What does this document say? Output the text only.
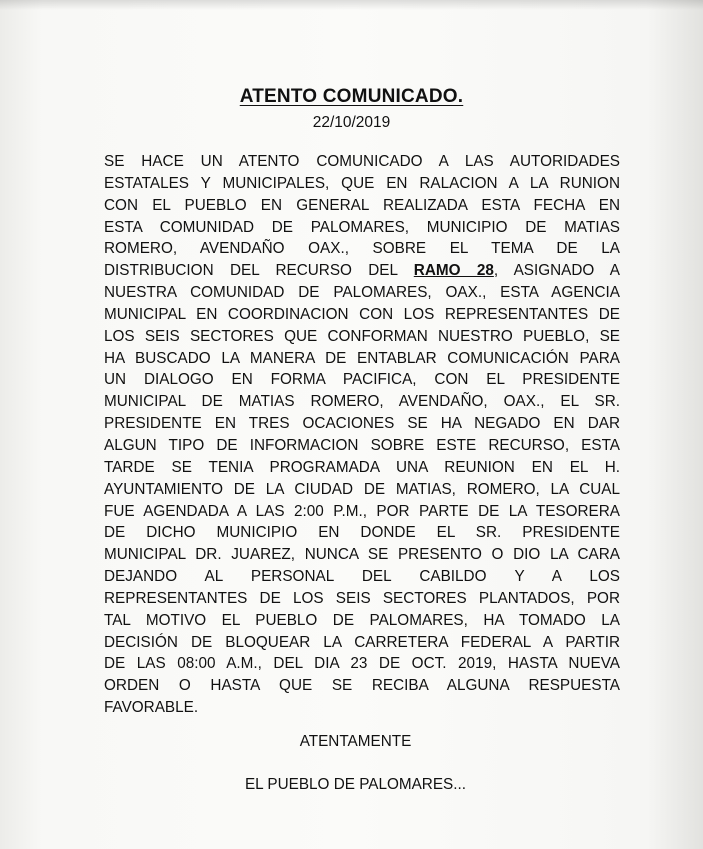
ATENTO COMUNICADO.
22/10/2019
SE HACE UN ATENTO COMUNICADO A LAS AUTORIDADES
ESTATALES Y MUNICIPALES, QUE EN RALACION A LA RUNION
CON EL PUEBLO EN GENERAL REALIZADA ESTA FECHA EN
ESTA COMUNIDAD DE PALOMARES, MUNICIPIO DE MATIAS
ROMERO, AVENDAÑO OAX., SOBRE EL TEMA DE LA
DISTRIBUCION DEL RECURSO DEL RAMO 28, ASIGNADO A
NUESTRA COMUNIDAD DE PALOMARES, OAX., ESTA AGENCIA
MUNICIPAL EN COORDINACION CON LOS REPRESENTANTES DE
LOS SEIS SECTORES QUE CONFORMAN NUESTRO PUEBLO, SE
HA BUSCADO LA MANERA DE ENTABLAR COMUNICACIÓN PARA
UN DIALOGO EN FORMA PACIFICA, CON EL PRESIDENTE
MUNICIPAL DE MATIAS ROMERO, AVENDAÑO, OAX., EL SR.
PRESIDENTE EN TRES OCACIONES SE HA NEGADO EN DAR
ALGUN TIPO DE INFORMACION SOBRE ESTE RECURSO, ESTA
TARDE SE TENIA PROGRAMADA UNA REUNION EN EL H.
AYUNTAMIENTO DE LA CIUDAD DE MATIAS, ROMERO, LA CUAL
FUE AGENDADA A LAS 2:00 P.M., POR PARTE DE LA TESORERA
DE DICHO MUNICIPIO EN DONDE EL SR. PRESIDENTE
MUNICIPAL DR. JUAREZ, NUNCA SE PRESENTO O DIO LA CARA
DEJANDO AL PERSONAL DEL CABILDO Y A LOS
REPRESENTANTES DE LOS SEIS SECTORES PLANTADOS, POR
TAL MOTIVO EL PUEBLO DE PALOMARES, HA TOMADO LA
DECISIÓN DE BLOQUEAR LA CARRETERA FEDERAL A PARTIR
DE LAS 08:00 A.M., DEL DIA 23 DE OCT. 2019, HASTA NUEVA
ORDEN O HASTA QUE SE RECIBA ALGUNA RESPUESTA
FAVORABLE.
ATENTAMENTE
EL PUEBLO DE PALOMARES...
